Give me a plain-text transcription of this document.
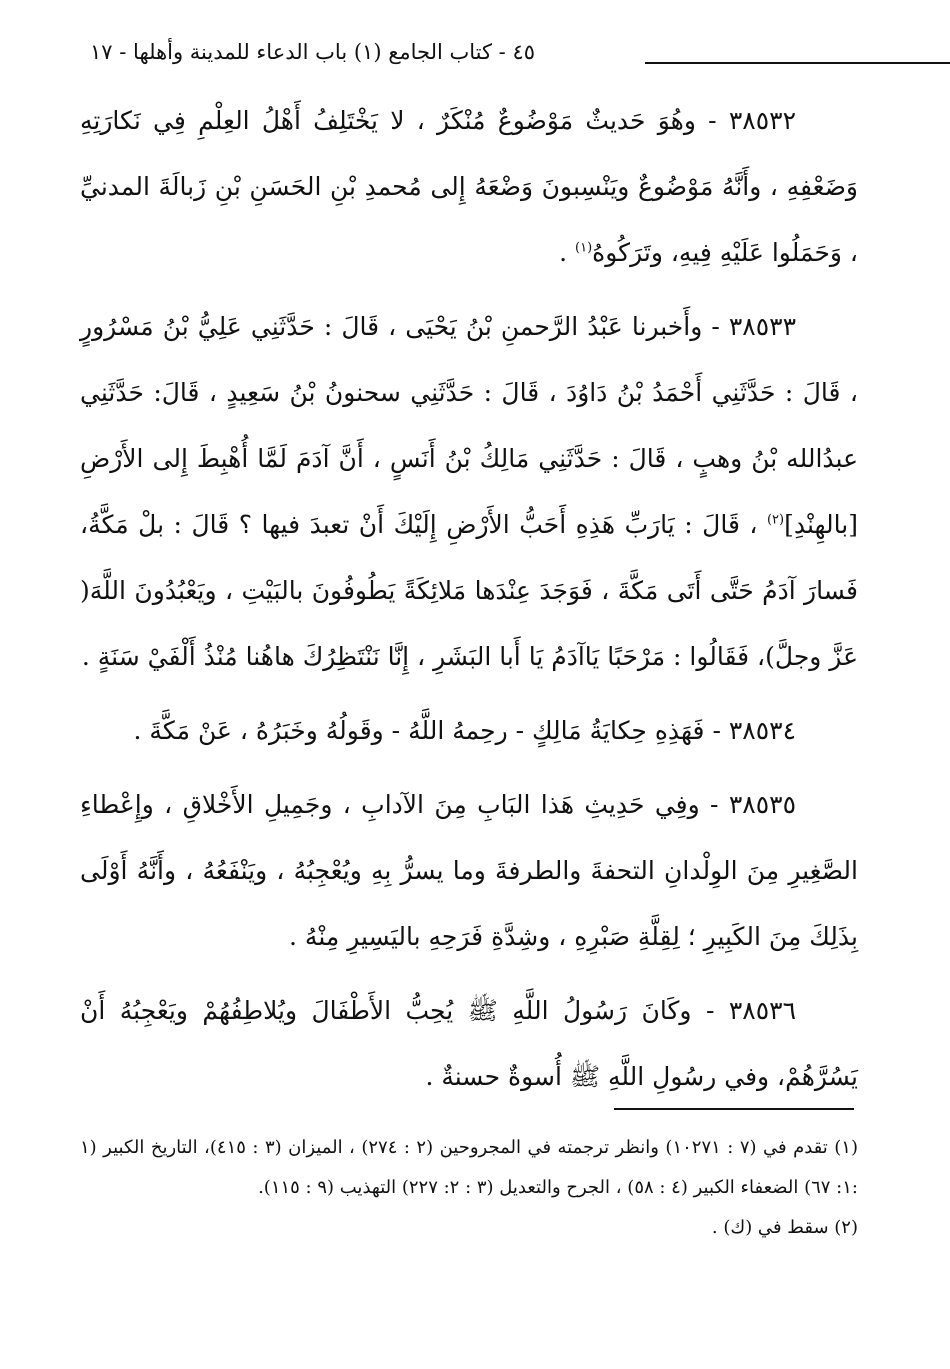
٤٥ - كتاب الجامع (١) باب الدعاء للمدينة وأهلها - ١٧

٣٨٥٣٢ - وهُوَ حَديثٌ مَوْضُوعٌ مُنْكَرٌ ، لا يَخْتَلِفُ أَهْلُ العِلْمِ فِي نَكارَتِهِ وَضَعْفِهِ ، وأَنَّهُ مَوْضُوعٌ ويَنْسِبونَ وَضْعَهُ إِلى مُحمدِ بْنِ الحَسَنِ بْنِ زَبالَةَ المدنيِّ ، وَحَمَلُوا عَلَيْهِ فِيهِ، وتَرَكُوهُ$^{(١)}$ .

٣٨٥٣٣ - وأَخبرنا عَبْدُ الرَّحمنِ بْنُ يَحْيَى ، قَالَ : حَدَّثَنِي عَلِيُّ بْنُ مَسْرُورٍ ، قَالَ : حَدَّثَنِي أَحْمَدُ بْنُ دَاوُدَ ، قَالَ : حَدَّثَنِي سحنونُ بْنُ سَعِيدٍ ، قَالَ: حَدَّثَنِي عبدُالله بْنُ وهبٍ ، قَالَ : حَدَّثَنِي مَالِكُ بْنُ أَنَسٍ ، أَنَّ آدَمَ لَمَّا أُهْبِطَ إِلى الأَرْضِ [بالهِنْدِ]$^{(٢)}$ ، قَالَ : يَارَبِّ هَذِهِ أَحَبُّ الأَرْضِ إِلَيْكَ أَنْ تعبدَ فيها ؟ قَالَ : بلْ مَكَّةُ، فَسارَ آدَمُ حَتَّى أَتَى مَكَّةَ ، فَوَجَدَ عِنْدَها مَلائِكَةً يَطُوفُونَ بالبَيْتِ ، ويَعْبُدُونَ اللَّهَ( عَزَّ وجلَّ)، فَقَالُوا : مَرْحَبًا يَاآدَمُ يَا أَبا البَشَرِ ، إِنَّا نَنْتَظِرُكَ هاهُنا مُنْذُ أَلْفَيْ سَنَةٍ .

٣٨٥٣٤ - فَهَذِهِ حِكايَةُ مَالِكٍ - رحِمهُ اللَّهُ - وقَولُهُ وخَبَرُهُ ، عَنْ مَكَّةَ .

٣٨٥٣٥ - وفِي حَدِيثِ هَذا البَابِ مِنَ الآدابِ ، وجَمِيلِ الأَخْلاقِ ، وإِعْطاءِ الصَّغِيرِ مِنَ الوِلْدانِ التحفةَ والطرفةَ وما يسرُّ بِهِ ويُعْجِبُهُ ، ويَنْفَعُهُ ، وأَنَّهُ أَوْلَى بِذَلِكَ مِنَ الكَبِيرِ ؛ لِقِلَّةِ صَبْرِهِ ، وشِدَّةِ فَرَحِهِ باليَسِيرِ مِنْهُ .

٣٨٥٣٦ - وكَانَ رَسُولُ اللَّهِ ﷺ يُحِبُّ الأَطْفَالَ ويُلاطِفُهُمْ ويَعْجِبُهُ أَنْ يَسُرَّهُمْ، وفي رسُولِ اللَّهِ ﷺ أُسوةٌ حسنةٌ .

(١) تقدم في (٧ : ١٠٢٧١) وانظر ترجمته في المجروحين (٢ : ٢٧٤) ، الميزان (٣ : ٤١٥)، التاريخ الكبير (١ :١: ٦٧) الضعفاء الكبير (٤ : ٥٨) ، الجرح والتعديل (٣ : ٢: ٢٢٧) التهذيب (٩ : ١١٥).

(٢) سقط في (ك) .
